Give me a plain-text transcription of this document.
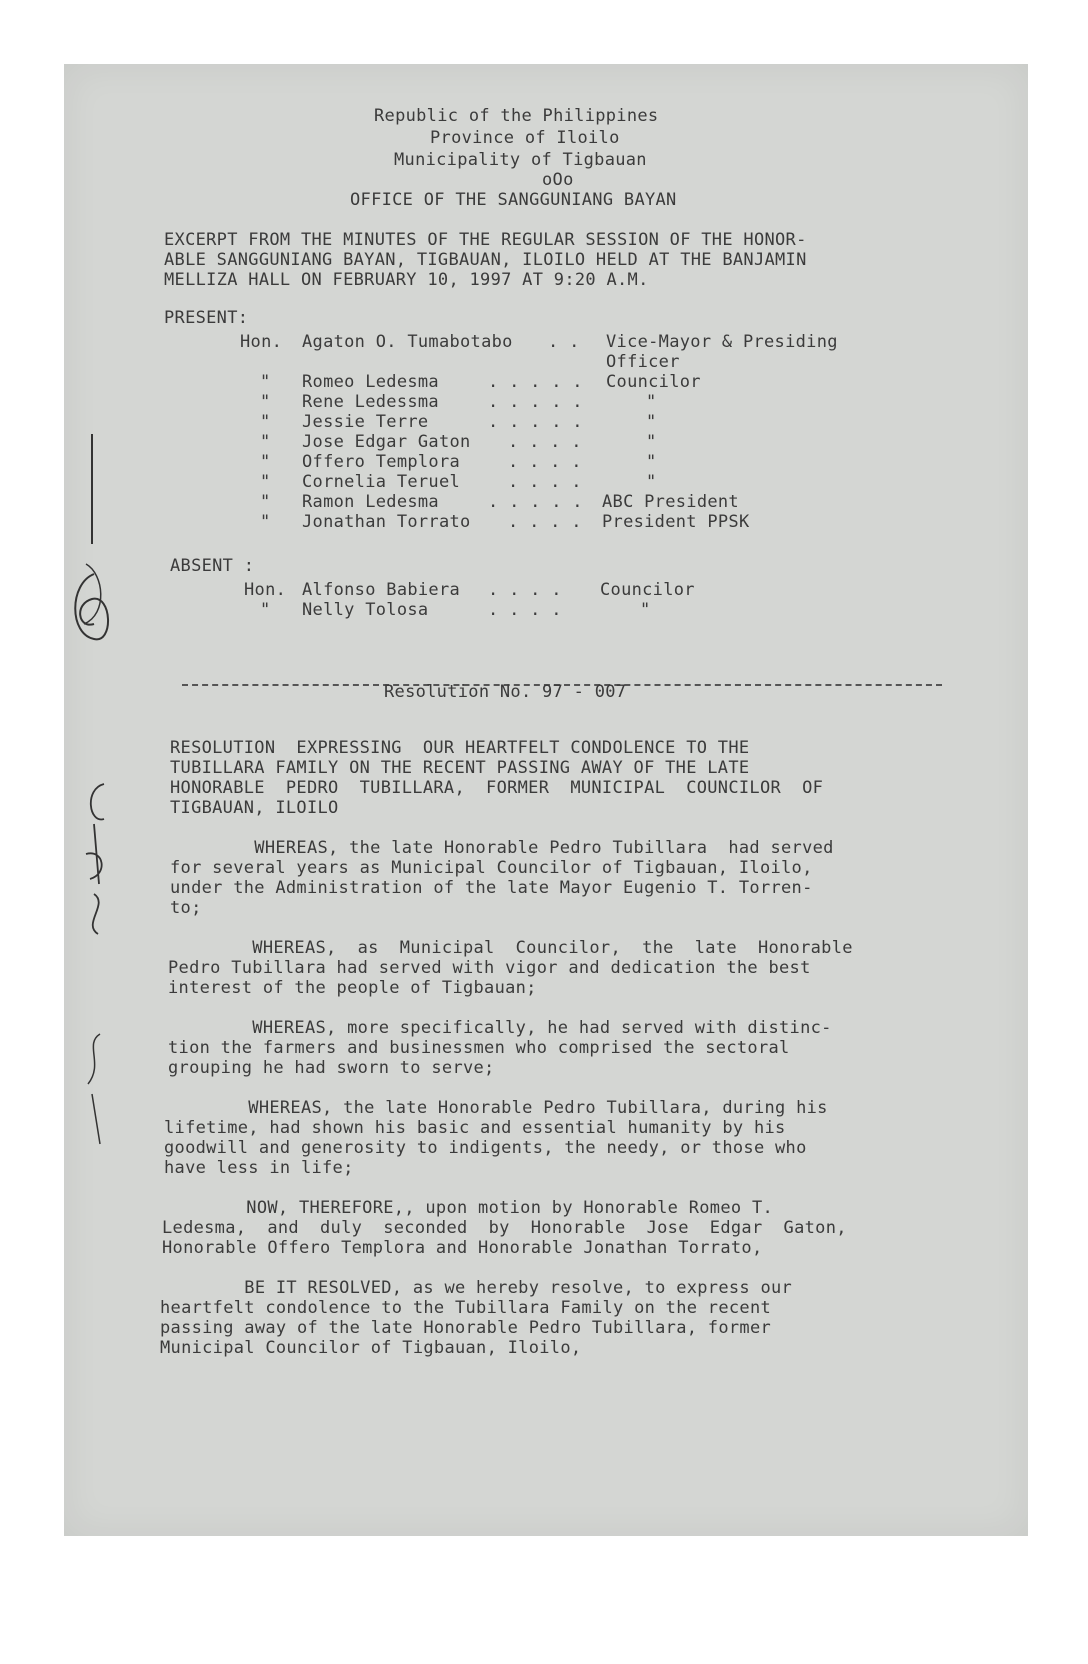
Republic of the Philippines
Province of Iloilo
Municipality of Tigbauan
oOo
OFFICE OF THE SANGGUNIANG BAYAN
EXCERPT FROM THE MINUTES OF THE REGULAR SESSION OF THE HONOR-
ABLE SANGGUNIANG BAYAN, TIGBAUAN, ILOILO HELD AT THE BANJAMIN
MELLIZA HALL ON FEBRUARY 10, 1997 AT 9:20 A.M.
PRESENT:
Hon. Agaton O. Tumabotabo . . Vice-Mayor & Presiding
Officer
" Romeo Ledesma	. . . . . Councilor
" Rene Ledessma	. . . . .	"
" Jessie Terre	. . . . .	"
" Jose Edgar Gaton . . . .	"
" Offero Templora	. . . .	"
" Cornelia Teruel	. . . .	"
" Ramon Ledesma	. . . . . ABC President
" Jonathan Torrato . . . . President PPSK
ABSENT :
Hon. Alfonso Babiera . . . . Councilor
" Nelly Tolosa	. . . .	"
Resolution No. 97 - 007
RESOLUTION  EXPRESSING  OUR HEARTFELT CONDOLENCE TO THE
TUBILLARA FAMILY ON THE RECENT PASSING AWAY OF THE LATE
HONORABLE  PEDRO  TUBILLARA,  FORMER  MUNICIPAL  COUNCILOR  OF
TIGBAUAN, ILOILO
WHEREAS, the late Honorable Pedro Tubillara  had served
for several years as Municipal Councilor of Tigbauan, Iloilo,
under the Administration of the late Mayor Eugenio T. Torren-
to;
WHEREAS,  as  Municipal  Councilor,  the  late  Honorable
Pedro Tubillara had served with vigor and dedication the best
interest of the people of Tigbauan;
WHEREAS, more specifically, he had served with distinc-
tion the farmers and businessmen who comprised the sectoral
grouping he had sworn to serve;
WHEREAS, the late Honorable Pedro Tubillara, during his
lifetime, had shown his basic and essential humanity by his
goodwill and generosity to indigents, the needy, or those who
have less in life;
NOW, THEREFORE,, upon motion by Honorable Romeo T.
Ledesma,  and  duly  seconded  by  Honorable  Jose  Edgar  Gaton,
Honorable Offero Templora and Honorable Jonathan Torrato,
BE IT RESOLVED, as we hereby resolve, to express our
heartfelt condolence to the Tubillara Family on the recent
passing away of the late Honorable Pedro Tubillara, former
Municipal Councilor of Tigbauan, Iloilo,
